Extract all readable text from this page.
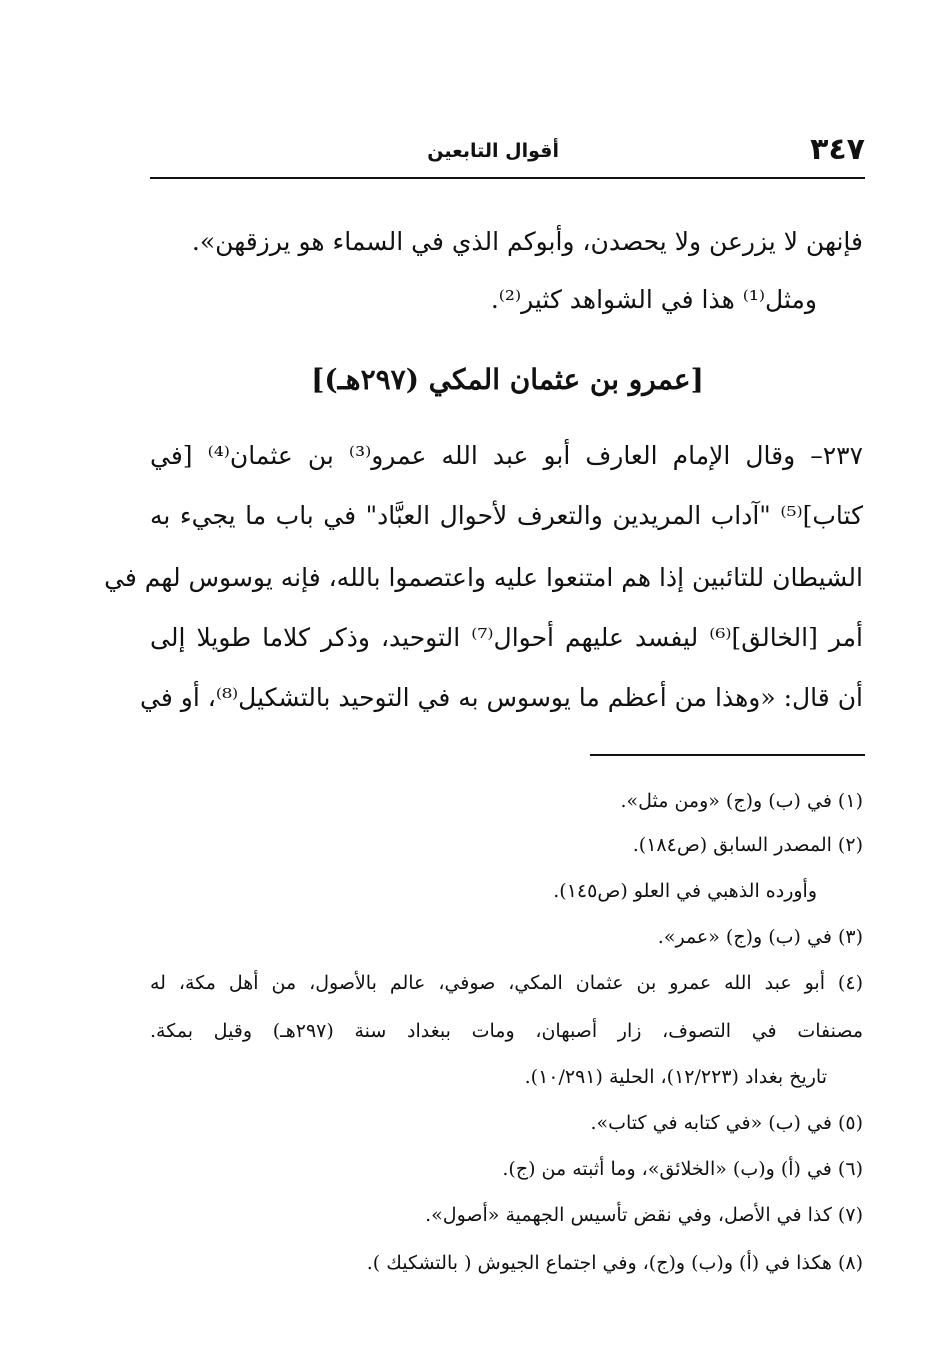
٣٤٧
أقوال التابعين
فإنهن لا يزرعن ولا يحصدن، وأبوكم الذي في السماء هو يرزقهن».
ومثل⁽¹⁾ هذا في الشواهد كثير⁽²⁾.
[عمرو بن عثمان المكي (٢٩٧هـ)]
٢٣٧– وقال الإمام العارف أبو عبد الله عمرو⁽³⁾ بن عثمان⁽⁴⁾ [في
كتاب]⁽⁵⁾ "آداب المريدين والتعرف لأحوال العبَّاد" في باب ما يجيء به
الشيطان للتائبين إذا هم امتنعوا عليه واعتصموا بالله، فإنه يوسوس لهم في
أمر [الخالق]⁽⁶⁾ ليفسد عليهم أحوال⁽⁷⁾ التوحيد، وذكر كلاما طويلا إلى
أن قال: «وهذا من أعظم ما يوسوس به في التوحيد بالتشكيل⁽⁸⁾، أو في
(١) في (ب) و(ج) «ومن مثل».
(٢) المصدر السابق (ص١٨٤).
وأورده الذهبي في العلو (ص١٤٥).
(٣) في (ب) و(ج) «عمر».
(٤) أبو عبد الله عمرو بن عثمان المكي، صوفي، عالم بالأصول، من أهل مكة، له
مصنفات في التصوف، زار أصبهان، ومات ببغداد سنة (٢٩٧هـ) وقيل بمكة.
تاريخ بغداد (١٢/٢٢٣)، الحلية (١٠/٢٩١).
(٥) في (ب) «في كتابه في كتاب».
(٦) في (أ) و(ب) «الخلائق»، وما أثبته من (ج).
(٧) كذا في الأصل، وفي نقض تأسيس الجهمية «أصول».
(٨) هكذا في (أ) و(ب) و(ج)، وفي اجتماع الجيوش ( بالتشكيك ).
